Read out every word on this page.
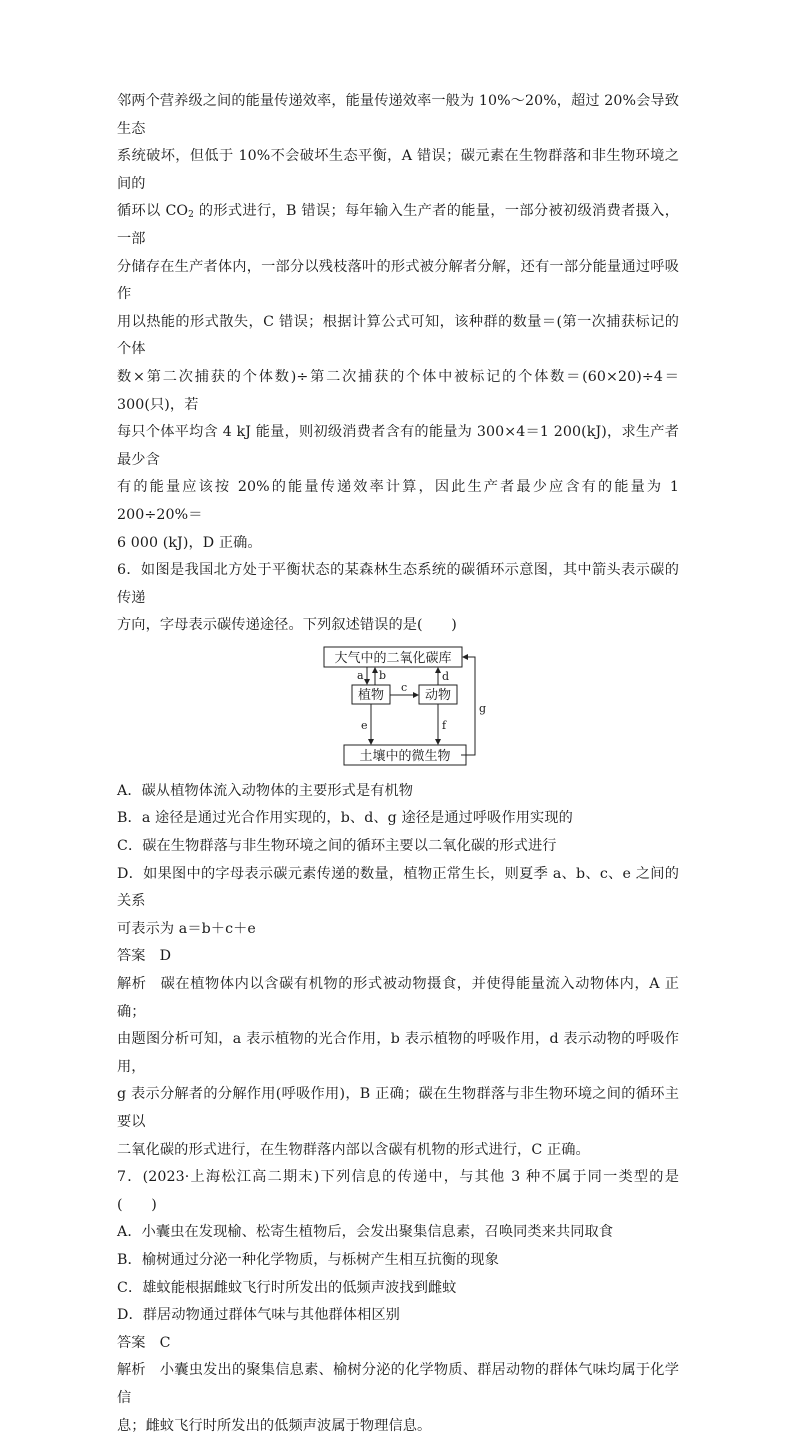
邻两个营养级之间的能量传递效率，能量传递效率一般为 10%～20%，超过 20%会导致生态

系统破坏，但低于 10%不会破坏生态平衡，A 错误；碳元素在生物群落和非生物环境之间的

循环以 $CO_2$ 的形式进行，B 错误；每年输入生产者的能量，一部分被初级消费者摄入，一部

分储存在生产者体内，一部分以残枝落叶的形式被分解者分解，还有一部分能量通过呼吸作

用以热能的形式散失，C 错误；根据计算公式可知，该种群的数量＝(第一次捕获标记的个体

数×第二次捕获的个体数)÷第二次捕获的个体中被标记的个体数＝(60×20)÷4＝300(只)，若

每只个体平均含 4 kJ 能量，则初级消费者含有的能量为 300×4＝1 200(kJ)，求生产者最少含

有的能量应该按 20%的能量传递效率计算，因此生产者最少应含有的能量为 1 200÷20%＝

6 000 (kJ)，D 正确。

6．如图是我国北方处于平衡状态的某森林生态系统的碳循环示意图，其中箭头表示碳的传递

方向，字母表示碳传递途径。下列叙述错误的是(　　)

大气中的二氧化碳库
植物	动物
土壤中的微生物
a b
c
d
e	f
g

A．碳从植物体流入动物体的主要形式是有机物

B．a 途径是通过光合作用实现的，b、d、g 途径是通过呼吸作用实现的

C．碳在生物群落与非生物环境之间的循环主要以二氧化碳的形式进行

D．如果图中的字母表示碳元素传递的数量，植物正常生长，则夏季 a、b、c、e 之间的关系

可表示为 a＝b＋c＋e

答案 D

解析 碳在植物体内以含碳有机物的形式被动物摄食，并使得能量流入动物体内，A 正确；

由题图分析可知，a 表示植物的光合作用，b 表示植物的呼吸作用，d 表示动物的呼吸作用，

g 表示分解者的分解作用(呼吸作用)，B 正确；碳在生物群落与非生物环境之间的循环主要以

二氧化碳的形式进行，在生物群落内部以含碳有机物的形式进行，C 正确。

7．(2023·上海松江高二期末)下列信息的传递中，与其他 3 种不属于同一类型的是(　　)

A．小囊虫在发现榆、松寄生植物后，会发出聚集信息素，召唤同类来共同取食

B．榆树通过分泌一种化学物质，与栎树产生相互抗衡的现象

C．雄蚊能根据雌蚊飞行时所发出的低频声波找到雌蚊

D．群居动物通过群体气味与其他群体相区别

答案 C

解析 小囊虫发出的聚集信息素、榆树分泌的化学物质、群居动物的群体气味均属于化学信

息；雌蚊飞行时所发出的低频声波属于物理信息。
